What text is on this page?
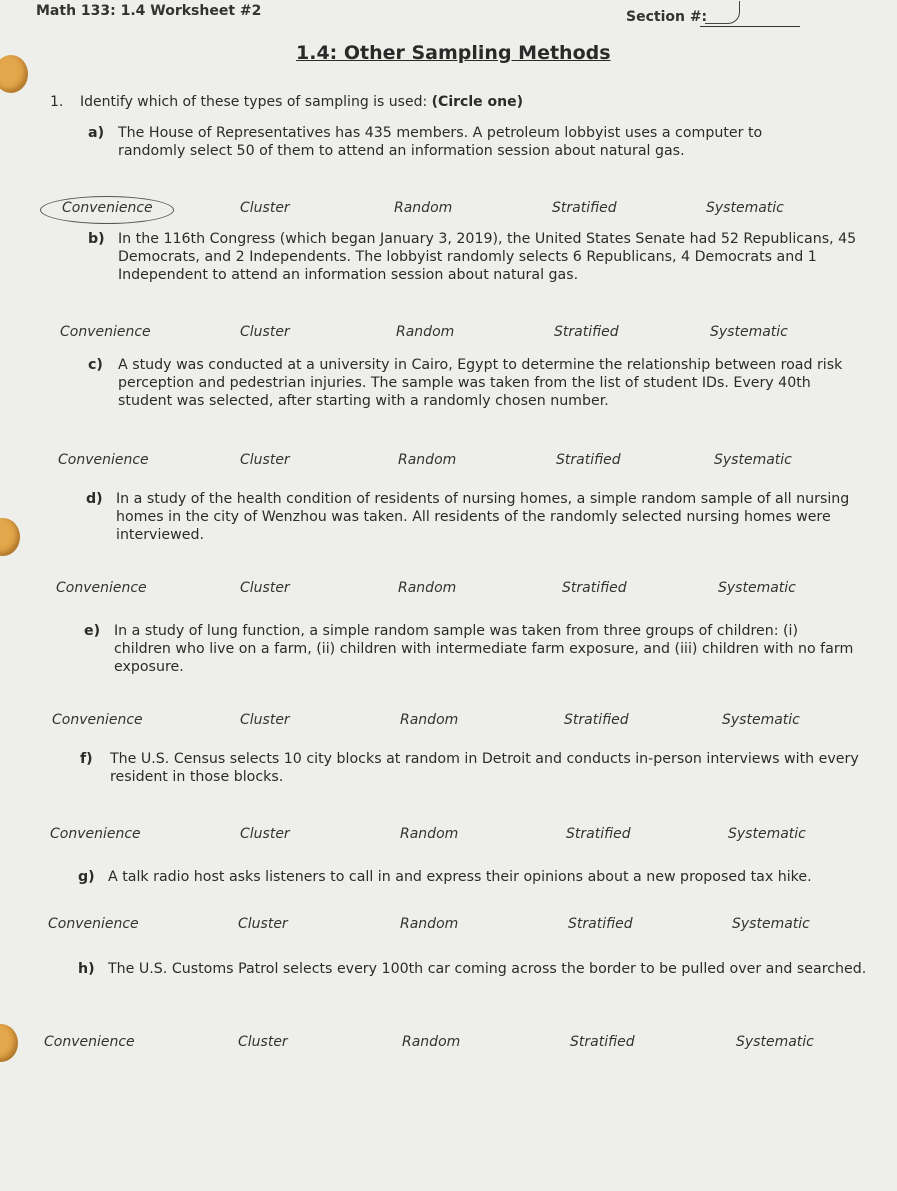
Math 133: 1.4 Worksheet #2	Section #:
1.4: Other Sampling Methods
1. Identify which of these types of sampling is used: (Circle one)
a) The House of Representatives has 435 members. A petroleum lobbyist uses a computer to randomly select 50 of them to attend an information session about natural gas.
Convenience	Cluster	Random	Stratified	Systematic
b) In the 116th Congress (which began January 3, 2019), the United States Senate had 52 Republicans, 45 Democrats, and 2 Independents. The lobbyist randomly selects 6 Republicans, 4 Democrats and 1 Independent to attend an information session about natural gas.
Convenience	Cluster	Random	Stratified	Systematic
c) A study was conducted at a university in Cairo, Egypt to determine the relationship between road risk perception and pedestrian injuries. The sample was taken from the list of student IDs. Every 40th student was selected, after starting with a randomly chosen number.
Convenience	Cluster	Random	Stratified	Systematic
d) In a study of the health condition of residents of nursing homes, a simple random sample of all nursing homes in the city of Wenzhou was taken. All residents of the randomly selected nursing homes were interviewed.
Convenience	Cluster	Random	Stratified	Systematic
e) In a study of lung function, a simple random sample was taken from three groups of children: (i) children who live on a farm, (ii) children with intermediate farm exposure, and (iii) children with no farm exposure.
Convenience	Cluster	Random	Stratified	Systematic
f) The U.S. Census selects 10 city blocks at random in Detroit and conducts in-person interviews with every resident in those blocks.
Convenience	Cluster	Random	Stratified	Systematic
g) A talk radio host asks listeners to call in and express their opinions about a new proposed tax hike.
Convenience	Cluster	Random	Stratified	Systematic
h) The U.S. Customs Patrol selects every 100th car coming across the border to be pulled over and searched.
Convenience	Cluster	Random	Stratified	Systematic
